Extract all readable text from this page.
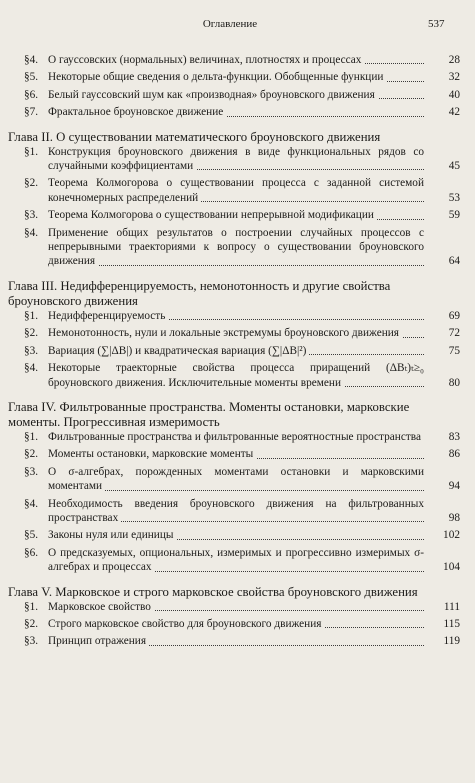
Оглавление	537
§4. О гауссовских (нормальных) величинах, плотностях и процессах	28
§5. Некоторые общие сведения о дельта-функции. Обобщенные функции	32
§6. Белый гауссовский шум как «производная» броуновского движения	40
§7. Фрактальное броуновское движение	42
Глава II. О существовании математического броуновского движения
§1. Конструкция броуновского движения в виде функциональных рядов со случайными коэффициентами	45
§2. Теорема Колмогорова о существовании процесса с заданной системой конечномерных распределений	53
§3. Теорема Колмогорова о существовании непрерывной модификации	59
§4. Применение общих результатов о построении случайных процессов с непрерывными траекториями к вопросу о существовании броуновского движения	64
Глава III. Недифференцируемость, немонотонность и другие свойства броуновского движения
§1. Недифференцируемость	69
§2. Немонотонность, нули и локальные экстремумы броуновского движения	72
§3. Вариация (∑|ΔB|) и квадратическая вариация (∑|ΔB|²)	75
§4. Некоторые траекторные свойства процесса приращений (ΔBₜ)ₜ≥₀ броуновского движения. Исключительные моменты времени	80
Глава IV. Фильтрованные пространства. Моменты остановки, марковские моменты. Прогрессивная измеримость
§1. Фильтрованные пространства и фильтрованные вероятностные пространства	83
§2. Моменты остановки, марковские моменты	86
§3. О σ-алгебрах, порожденных моментами остановки и марковскими моментами	94
§4. Необходимость введения броуновского движения на фильтрованных пространствах	98
§5. Законы нуля или единицы	102
§6. О предсказуемых, опциональных, измеримых и прогрессивно измеримых σ-алгебрах и процессах	104
Глава V. Марковское и строго марковское свойства броуновского движения
§1. Марковское свойство	111
§2. Строго марковское свойство для броуновского движения	115
§3. Принцип отражения	119
